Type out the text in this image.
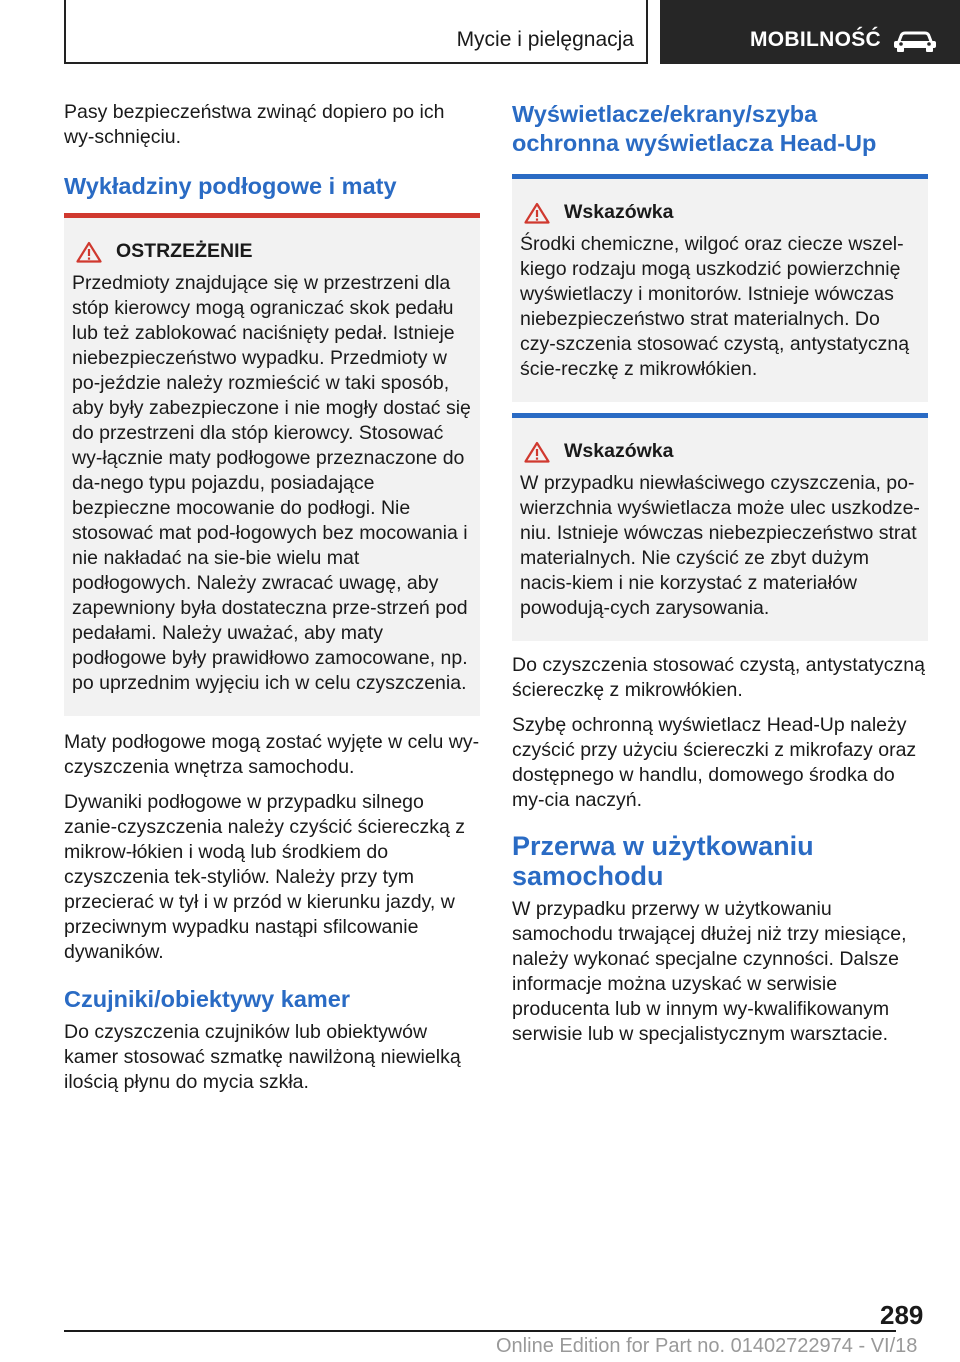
Mycie i pielęgnacja	MOBILNOŚĆ

Pasy bezpieczeństwa zwinąć dopiero po ich wy-schnięciu.

Wykładziny podłogowe i maty
OSTRZEŻENIE

Przedmioty znajdujące się w przestrzeni dla stóp kierowcy mogą ograniczać skok pedału lub też zablokować naciśnięty pedał. Istnieje niebezpieczeństwo wypadku. Przedmioty w po-jeździe należy rozmieścić w taki sposób, aby były zabezpieczone i nie mogły dostać się do przestrzeni dla stóp kierowcy. Stosować wy-łącznie maty podłogowe przeznaczone do da-nego typu pojazdu, posiadające bezpieczne mocowanie do podłogi. Nie stosować mat pod-łogowych bez mocowania i nie nakładać na sie-bie wielu mat podłogowych. Należy zwracać uwagę, aby zapewniony była dostateczna prze-strzeń pod pedałami. Należy uważać, aby maty podłogowe były prawidłowo zamocowane, np. po uprzednim wyjęciu ich w celu czyszczenia.

Maty podłogowe mogą zostać wyjęte w celu wy-czyszczenia wnętrza samochodu.

Dywaniki podłogowe w przypadku silnego zanie-czyszczenia należy czyścić ściereczką z mikrow-łókien i wodą lub środkiem do czyszczenia tek-styliów. Należy przy tym przecierać w tył i w przód w kierunku jazdy, w przeciwnym wypadku nastąpi sfilcowanie dywaników.

Czujniki/obiektywy kamer

Do czyszczenia czujników lub obiektywów kamer stosować szmatkę nawilżoną niewielką ilością płynu do mycia szkła.

Wyświetlacze/ekrany/szyba ochronna wyświetlacza Head-Up
Wskazówka

Środki chemiczne, wilgoć oraz ciecze wszel-kiego rodzaju mogą uszkodzić powierzchnię wyświetlaczy i monitorów. Istnieje wówczas niebezpieczeństwo strat materialnych. Do czy-szczenia stosować czystą, antystatyczną ście-reczkę z mikrowłókien.

Wskazówka

W przypadku niewłaściwego czyszczenia, po-wierzchnia wyświetlacza może ulec uszkodze-niu. Istnieje wówczas niebezpieczeństwo strat materialnych. Nie czyścić ze zbyt dużym nacis-kiem i nie korzystać z materiałów powodują-cych zarysowania.

Do czyszczenia stosować czystą, antystatyczną ściereczkę z mikrowłókien.

Szybę ochronną wyświetlacz Head-Up należy czyścić przy użyciu ściereczki z mikrofazy oraz dostępnego w handlu, domowego środka do my-cia naczyń.

Przerwa w użytkowaniu samochodu

W przypadku przerwy w użytkowaniu samochodu trwającej dłużej niż trzy miesiące, należy wykonać specjalne czynności. Dalsze informacje można uzyskać w serwisie producenta lub w innym wy-kwalifikowanym serwisie lub w specjalistycznym warsztacie.

289
Online Edition for Part no. 01402722974 - VI/18
